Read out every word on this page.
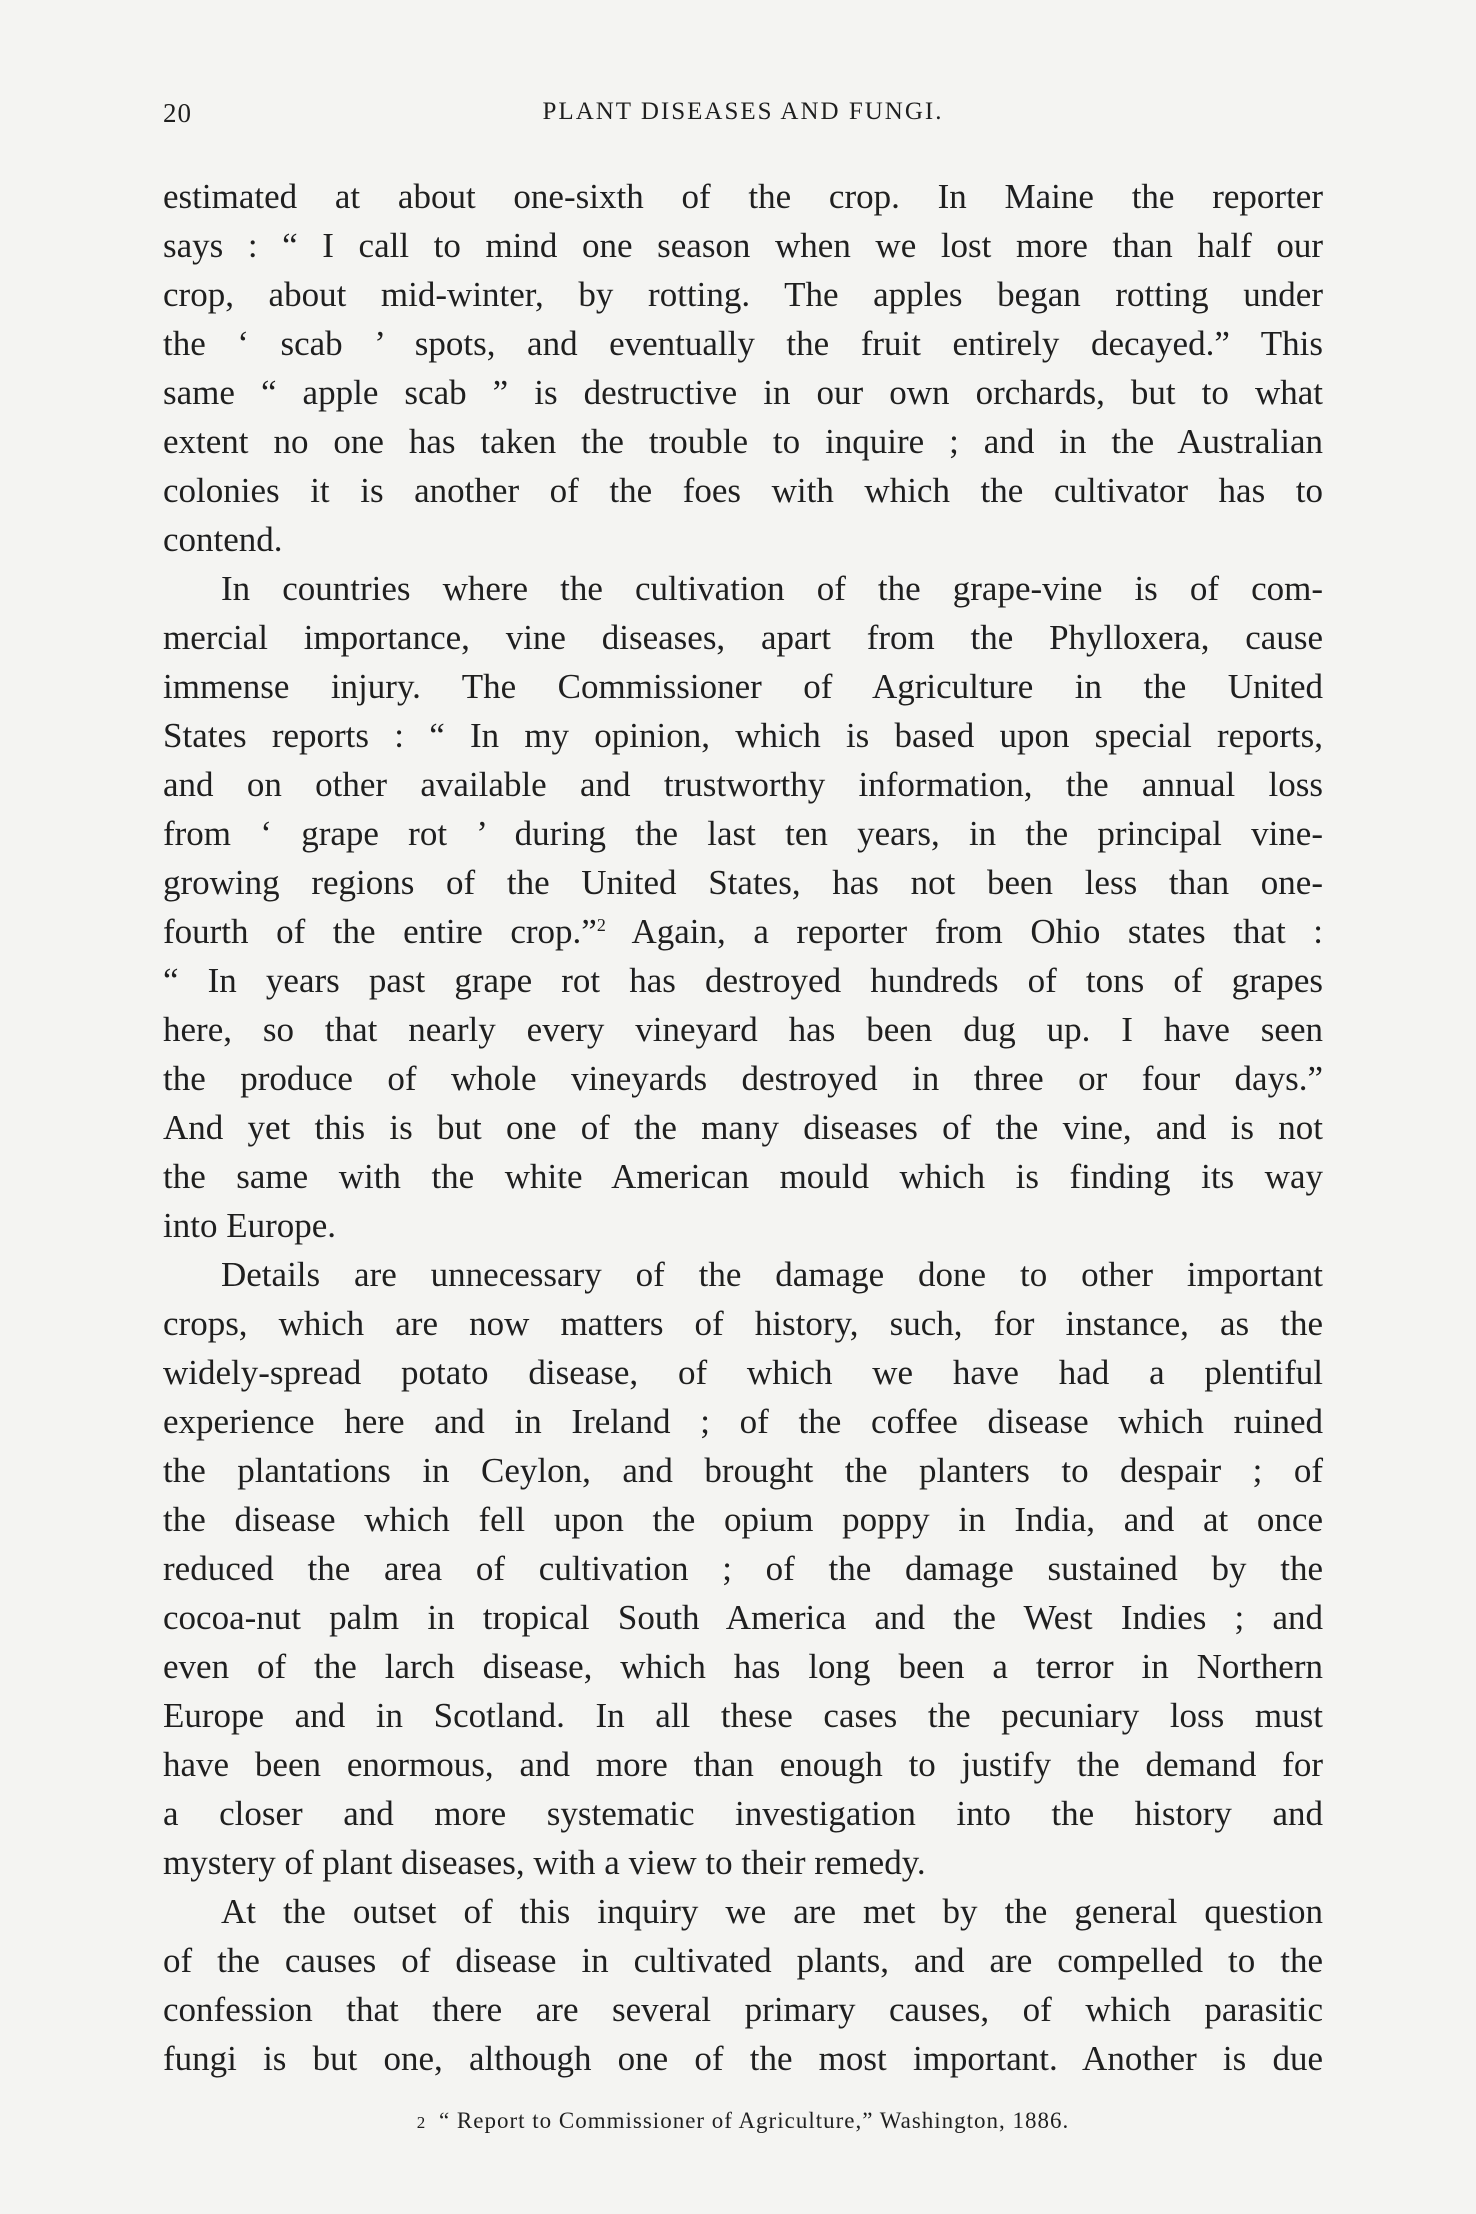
20	PLANT DISEASES AND FUNGI.
estimated at about one-sixth of the crop. In Maine the reporter
says : “ I call to mind one season when we lost more than half our
crop, about mid-winter, by rotting. The apples began rotting under
the ‘ scab ’ spots, and eventually the fruit entirely decayed.” This
same “ apple scab ” is destructive in our own orchards, but to what
extent no one has taken the trouble to inquire ; and in the Australian
colonies it is another of the foes with which the cultivator has to
contend.
In countries where the cultivation of the grape-vine is of com-
mercial importance, vine diseases, apart from the Phylloxera, cause
immense injury. The Commissioner of Agriculture in the United
States reports : “ In my opinion, which is based upon special reports,
and on other available and trustworthy information, the annual loss
from ‘ grape rot ’ during the last ten years, in the principal vine-
growing regions of the United States, has not been less than one-
fourth of the entire crop.”$^2$ Again, a reporter from Ohio states that :
“ In years past grape rot has destroyed hundreds of tons of grapes
here, so that nearly every vineyard has been dug up. I have seen
the produce of whole vineyards destroyed in three or four days.”
And yet this is but one of the many diseases of the vine, and is not
the same with the white American mould which is finding its way
into Europe.
Details are unnecessary of the damage done to other important
crops, which are now matters of history, such, for instance, as the
widely-spread potato disease, of which we have had a plentiful
experience here and in Ireland ; of the coffee disease which ruined
the plantations in Ceylon, and brought the planters to despair ; of
the disease which fell upon the opium poppy in India, and at once
reduced the area of cultivation ; of the damage sustained by the
cocoa-nut palm in tropical South America and the West Indies ; and
even of the larch disease, which has long been a terror in Northern
Europe and in Scotland. In all these cases the pecuniary loss must
have been enormous, and more than enough to justify the demand for
a closer and more systematic investigation into the history and
mystery of plant diseases, with a view to their remedy.
At the outset of this inquiry we are met by the general question
of the causes of disease in cultivated plants, and are compelled to the
confession that there are several primary causes, of which parasitic
fungi is but one, although one of the most important. Another is due
2 “ Report to Commissioner of Agriculture,” Washington, 1886.
